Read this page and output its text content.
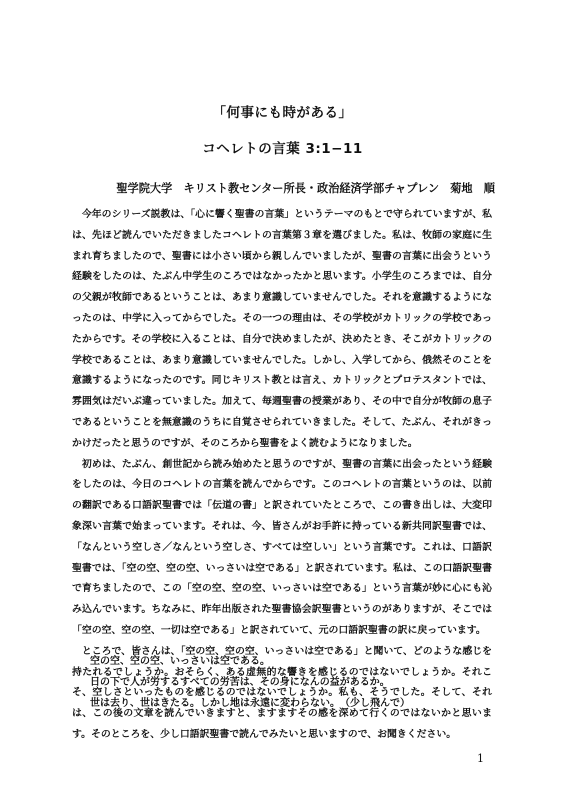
「何事にも時がある」
コヘレトの言葉 3:1−11
聖学院大学　キリスト教センター所長・政治経済学部チャプレン　菊地　順

今年のシリーズ説教は、「心に響く聖書の言葉」というテーマのもとで守られていますが、私は、先ほど読んでいただきましたコヘレトの言葉第３章を選びました。私は、牧師の家庭に生まれ育ちましたので、聖書には小さい頃から親しんでいましたが、聖書の言葉に出会うという経験をしたのは、たぶん中学生のころではなかったかと思います。小学生のころまでは、自分の父親が牧師であるということは、あまり意識していませんでした。それを意識するようになったのは、中学に入ってからでした。その一つの理由は、その学校がカトリックの学校であったからです。その学校に入ることは、自分で決めましたが、決めたとき、そこがカトリックの学校であることは、あまり意識していませんでした。しかし、入学してから、俄然そのことを意識するようになったのです。同じキリスト教とは言え、カトリックとプロテスタントでは、雰囲気はだいぶ違っていました。加えて、毎週聖書の授業があり、その中で自分が牧師の息子であるということを無意識のうちに自覚させられていきました。そして、たぶん、それがきっかけだったと思うのですが、そのころから聖書をよく読むようになりました。

初めは、たぶん、創世記から読み始めたと思うのですが、聖書の言葉に出会ったという経験をしたのは、今日のコヘレトの言葉を読んでからです。このコヘレトの言葉というのは、以前の翻訳である口語訳聖書では「伝道の書」と訳されていたところで、この書き出しは、大変印象深い言葉で始まっています。それは、今、皆さんがお手許に持っている新共同訳聖書では、「なんという空しさ／なんという空しさ、すべては空しい」という言葉です。これは、口語訳聖書では、「空の空、空の空、いっさいは空である」と訳されています。私は、この口語訳聖書で育ちましたので、この「空の空、空の空、いっさいは空である」という言葉が妙に心にも沁み込んでいます。ちなみに、昨年出版された聖書協会訳聖書というのがありますが、そこでは「空の空、空の空、一切は空である」と訳されていて、元の口語訳聖書の訳に戻っています。

ところで、皆さんは、「空の空、空の空、いっさいは空である」と聞いて、どのような感じを持たれるでしょうか。おそらく、ある虚無的な響きを感じるのではないでしょうか。それこそ、空しさといったものを感じるのではないでしょうか。私も、そうでした。そして、それは、この後の文章を読んでいきますと、ますますその感を深めて行くのではないかと思います。そのところを、少し口語訳聖書で読んでみたいと思いますので、お聞きください。

空の空、空の空、いっさいは空である。
日の下で人が労するすべての労苦は、その身になんの益があるか。
世は去り、世はきたる。しかし地は永遠に変わらない。 （少し飛んで）
1
